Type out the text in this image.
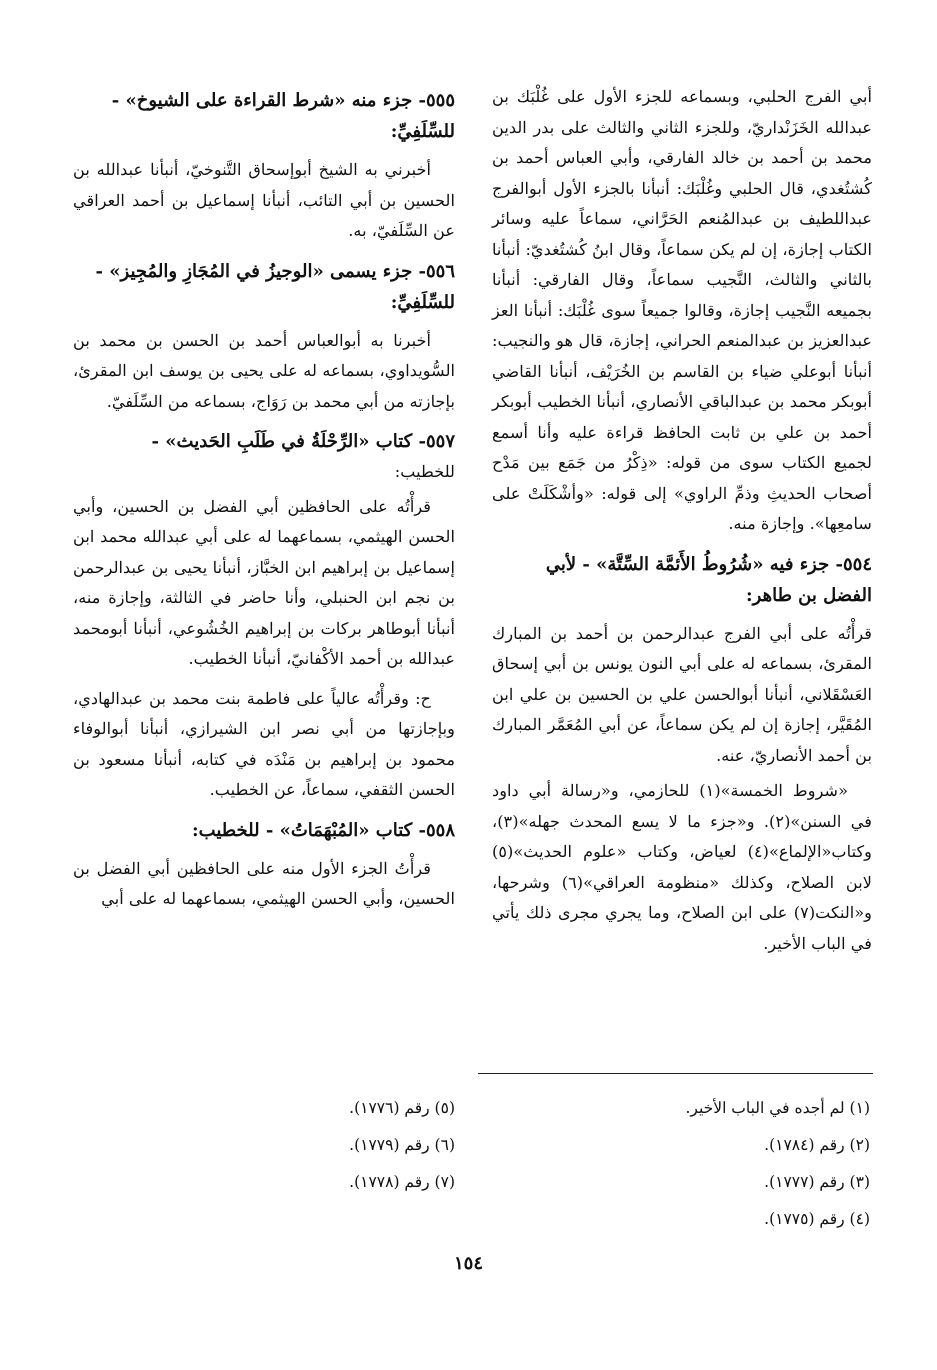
أبي الفرج الحلبي، وبسماعه للجزء الأول على غُلْبَك بن عبدالله الخَزَنْداريّ، وللجزء الثاني والثالث على بدر الدين محمد بن أحمد بن خالد الفارقي، وأبي العباس أحمد بن كُشتُغدي، قال الحلبي وغُلْبَك: أنبأنا بالجزء الأول أبوالفرج عبداللطيف بن عبدالمُنعم الحَرَّاني، سماعاً عليه وسائر الكتاب إجازة، إن لم يكن سماعاً، وقال ابنُ كُشتُغديّ: أنبأنا بالثاني والثالث، النَّجيب سماعاً، وقال الفارقي: أنبأنا بجميعه النَّجيب إجازة، وقالوا جميعاً سوى غُلْبَك: أنبأنا العز عبدالعزيز بن عبدالمنعم الحراني، إجازة، قال هو والنجيب: أنبأنا أبوعلي ضياء بن القاسم بن الخُرَيْف، أنبأنا القاضي أبوبكر محمد بن عبدالباقي الأنصاري، أنبأنا الخطيب أبوبكر أحمد بن علي بن ثابت الحافظ قراءة عليه وأنا أسمع لجميع الكتاب سوى من قوله: «ذِكْرُ من جَمَع بين مَدْح أصحاب الحديثِ وذمِّ الراوي» إلى قوله: «وأشْكَلَتْ على سامعِها». وإجازة منه.

٥٥٤- جزء فيه «شُرُوطُ الأَئمَّة السِّتَّة» - لأبي الفضل بن طاهر:

قرأْتُه على أبي الفرج عبدالرحمن بن أحمد بن المبارك المقرئ، بسماعه له على أبي النون يونس بن أبي إسحاق العَسْقَلاني، أنبأنا أبوالحسن علي بن الحسين بن علي ابن المُقَيَّر، إجازة إن لم يكن سماعاً، عن أبي المُعَمَّر المبارك بن أحمد الأنصاريّ، عنه.

«شروط الخمسة»(١) للحازمي، و«رسالة أبي داود في السنن»(٢). و«جزء ما لا يسع المحدث جهله»(٣)، وكتاب«الإلماع»(٤) لعياض، وكتاب «علوم الحديث»(٥) لابن الصلاح، وكذلك «منظومة العراقي»(٦) وشرحها، و«النكت(٧) على ابن الصلاح، وما يجري مجرى ذلك يأتي في الباب الأخير.

٥٥٥- جزء منه «شرط القراءة على الشيوخ» - للسِّلَفِيِّ:

أخبرني به الشيخ أبوإسحاق التَّنوخيّ، أنبأنا عبدالله بن الحسين بن أبي التائب، أنبأنا إسماعيل بن أحمد العراقي عن السِّلَفيّ، به.

٥٥٦- جزء يسمى «الوجيزُ في المُجَازِ والمُجِيز» - للسِّلَفِيِّ:

أخبرنا به أبوالعباس أحمد بن الحسن بن محمد بن السُّويداوي، بسماعه له على يحيى بن يوسف ابن المقرئ، بإجازته من أبي محمد بن رَوَاج، بسماعه من السِّلَفيّ.

٥٥٧- كتاب «الرِّحْلَةُ في طَلَبِ الحَديث» -

للخطيب:

قرأْتُه على الحافظين أبي الفضل بن الحسين، وأبي الحسن الهيثمي، بسماعهما له على أبي عبدالله محمد ابن إسماعيل بن إبراهيم ابن الخبَّاز، أنبأنا يحيى بن عبدالرحمن بن نجم ابن الحنبلي، وأنا حاضر في الثالثة، وإجازة منه، أنبأنا أبوطاهر بركات بن إبراهيم الخُشُوعي، أنبأنا أبومحمد عبدالله بن أحمد الأكْفانيّ، أنبأنا الخطيب.

ح: وقرأْتُه عالياً على فاطمة بنت محمد بن عبدالهادي، وبإجازتها من أبي نصر ابن الشيرازي، أنبأنا أبوالوفاء محمود بن إبراهيم بن مَنْدَه في كتابه، أنبأنا مسعود بن الحسن الثقفي، سماعاً، عن الخطيب.

٥٥٨- كتاب «المُبْهَمَاتُ» - للخطيب:

قرأْتُ الجزء الأول منه على الحافظين أبي الفضل بن الحسين، وأبي الحسن الهيثمي، بسماعهما له على أبي

(١) لم أجده في الباب الأخير.
(٢) رقم (١٧٨٤).
(٣) رقم (١٧٧٧).
(٤) رقم (١٧٧٥).
(٥) رقم (١٧٧٦).
(٦) رقم (١٧٧٩).
(٧) رقم (١٧٧٨).
١٥٤
